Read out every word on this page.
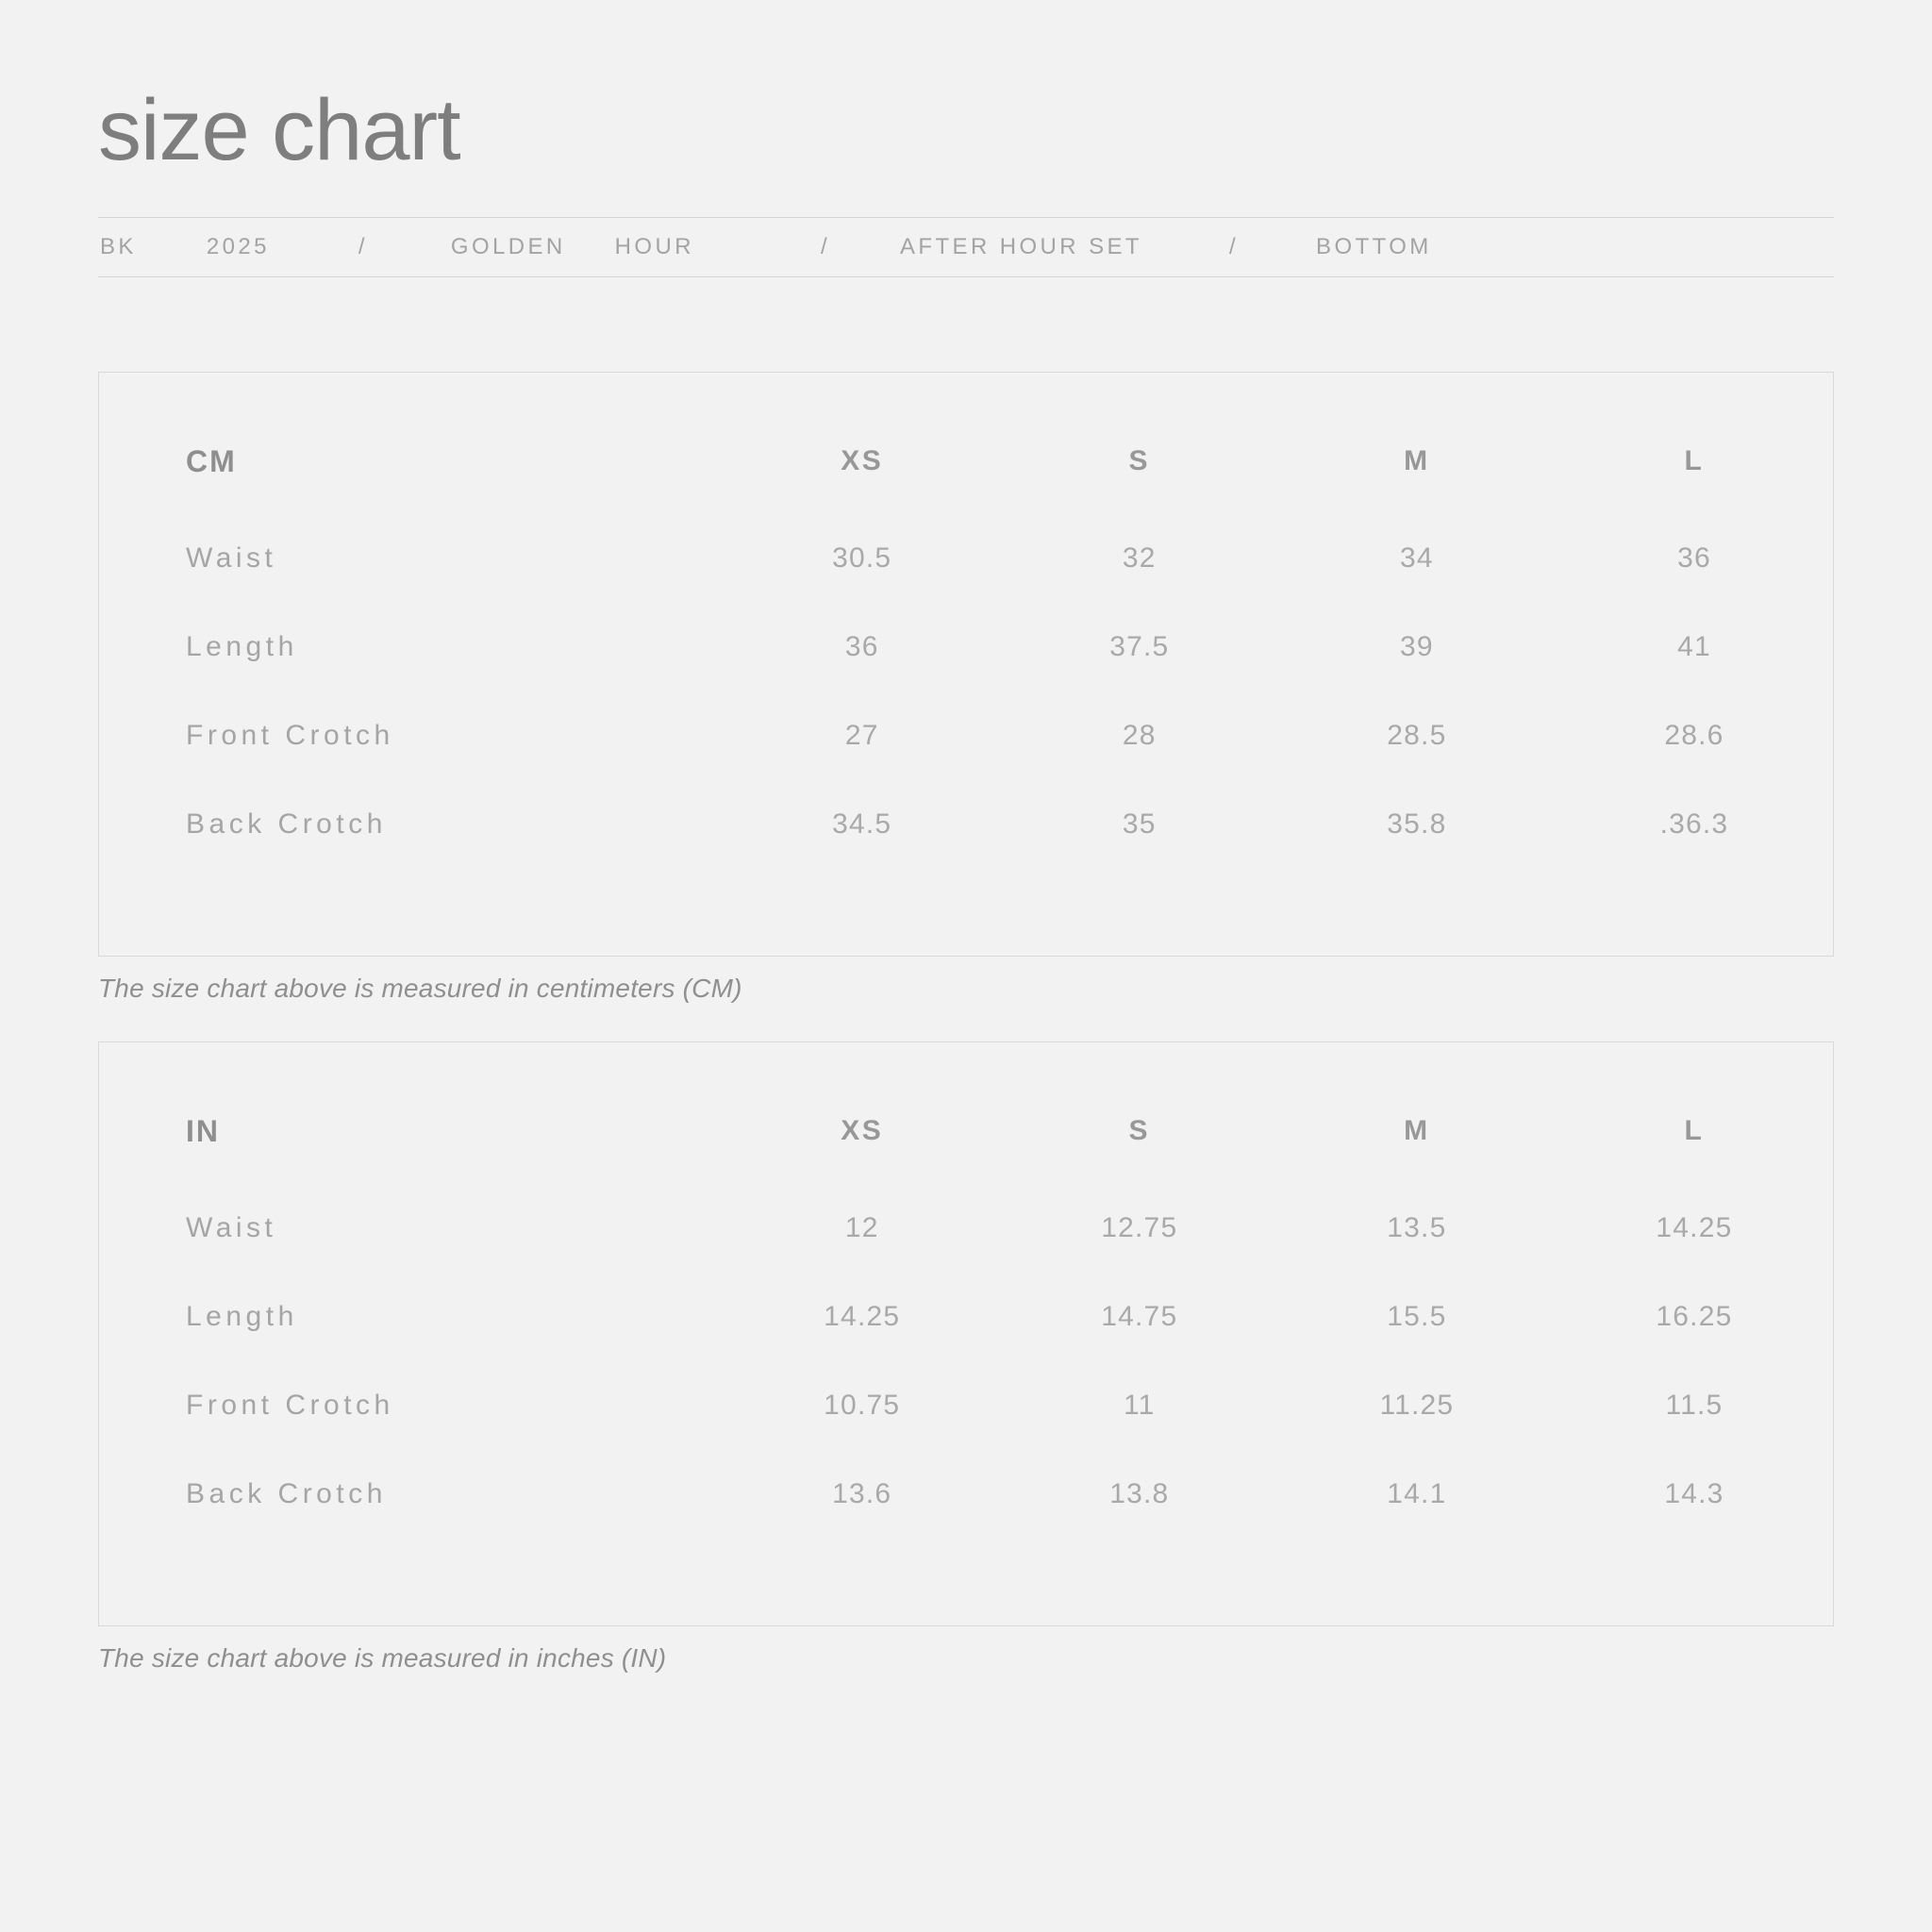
size chart
BK	2025	/	GOLDEN HOUR	/	AFTER HOUR SET	/	BOTTOM
CM	XS	S	M	L
Waist	30.5	32	34	36
Length	36	37.5	39	41
Front Crotch	27	28	28.5	28.6
Back Crotch	34.5	35	35.8	.36.3
The size chart above is measured in centimeters (CM)
IN	XS	S	M	L
Waist	12	12.75	13.5	14.25
Length	14.25	14.75	15.5	16.25
Front Crotch	10.75	11	11.25	11.5
Back Crotch	13.6	13.8	14.1	14.3
The size chart above is measured in inches (IN)
